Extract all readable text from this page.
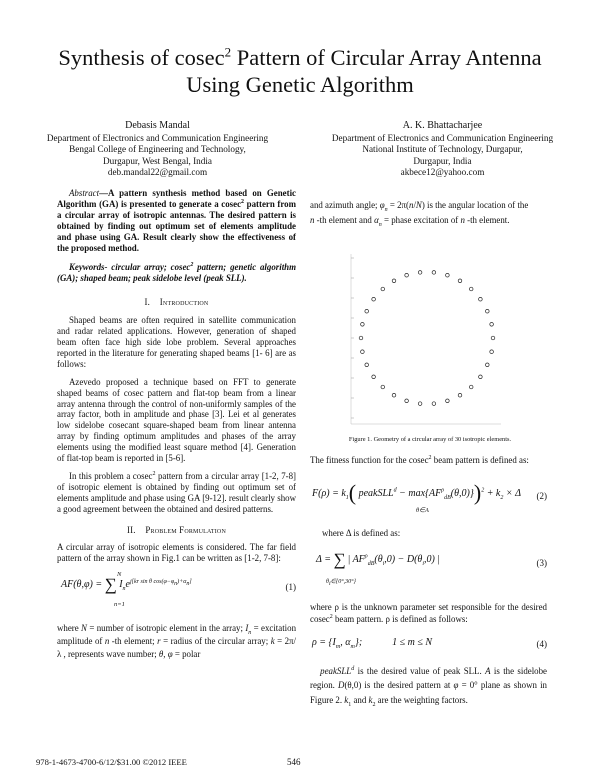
Synthesis of cosec$^2$ Pattern of Circular Array Antenna
Using Genetic Algorithm
Debasis Mandal
Department of Electronics and Communication Engineering
Bengal College of Engineering and Technology,
Durgapur, West Bengal, India
deb.mandal22@gmail.com
A. K. Bhattacharjee
Department of Electronics and Communication Engineering
National Institute of Technology, Durgapur,
Durgapur, India
akbece12@yahoo.com

Abstract—A pattern synthesis method based on Genetic Algorithm (GA) is presented to generate a cosec$^2$ pattern from a circular array of isotropic antennas. The desired pattern is obtained by finding out optimum set of elements amplitude and phase using GA. Result clearly show the effectiveness of the proposed method.

Keywords- circular array; cosec$^2$ pattern; genetic algorithm (GA); shaped beam; peak sidelobe level (peak SLL).

I. Introduction

Shaped beams are often required in satellite communication and radar related applications. However, generation of shaped beam often face high side lobe problem. Several approaches reported in the literature for generating shaped beams [1- 6] are as follows:

Azevedo proposed a technique based on FFT to generate shaped beams of cosec pattern and flat-top beam from a linear array antenna through the control of non-uniformly samples of the array factor, both in amplitude and phase [3]. Lei et al generates low sidelobe cosecant square-shaped beam from linear antenna array by finding optimum amplitudes and phases of the array elements using the modified least square method [4]. Generation of flat-top beam is reported in [5-6].

In this problem a cosec$^2$ pattern from a circular array [1-2, 7-8] of isotropic element is obtained by finding out optimum set of elements amplitude and phase using GA [9-12]. result clearly show a good agreement between the obtained and desired patterns.

II. Problem Formulation

A circular array of isotropic elements is considered. The far field pattern of the array shown in Fig.1 can be written as [1-2, 7-8]:

AF(θ,φ) = ∑ $I_ne^{j[kr sin \theta cos(\varphi-\varphi_n)+\alpha_n]}$
N
n=1
(1)

where N = number of isotropic element in the array; $I_n$ = excitation amplitude of n -th element; r = radius of the circular array; k = 2π/λ , represents wave number; θ, φ = polar

and azimuth angle; $\varphi_n = 2\pi(n/N)$ is the angular location of the
n -th element and $\alpha_n$ = phase excitation of n -th element.

Figure 1. Geometry of a circular array of 30 isotropic elements.

The fitness function for the cosec$^2$ beam pattern is defined as:

$F(\rho) = k_1$( peakSLL$^d$ − $\max\{AF^\rho_{dB}(\theta,0)\})^2 + k_2 \times \Delta$
θ∈A
(2)

where Δ is defined as:

Δ = ∑ | $AF^\rho_{dB}(\theta_i,0) - D(\theta_i,0)$ |
$\theta_i\in\{0^\circ,30^\circ\}$
(3)

where ρ is the unknown parameter set responsible for the desired cosec$^2$ beam pattern. ρ is defined as follows:

$\rho = \{I_m$, $\alpha_m$};            1 ≤ m ≤ N	(4)

peakSLL$^d$ is the desired value of peak SLL. A is the sidelobe region. D(θ,0) is the desired pattern at φ = 0° plane as shown in Figure 2. $k_1$ and $k_2$ are the weighting factors.

978-1-4673-4700-6/12/$31.00 ©2012 IEEE	546
